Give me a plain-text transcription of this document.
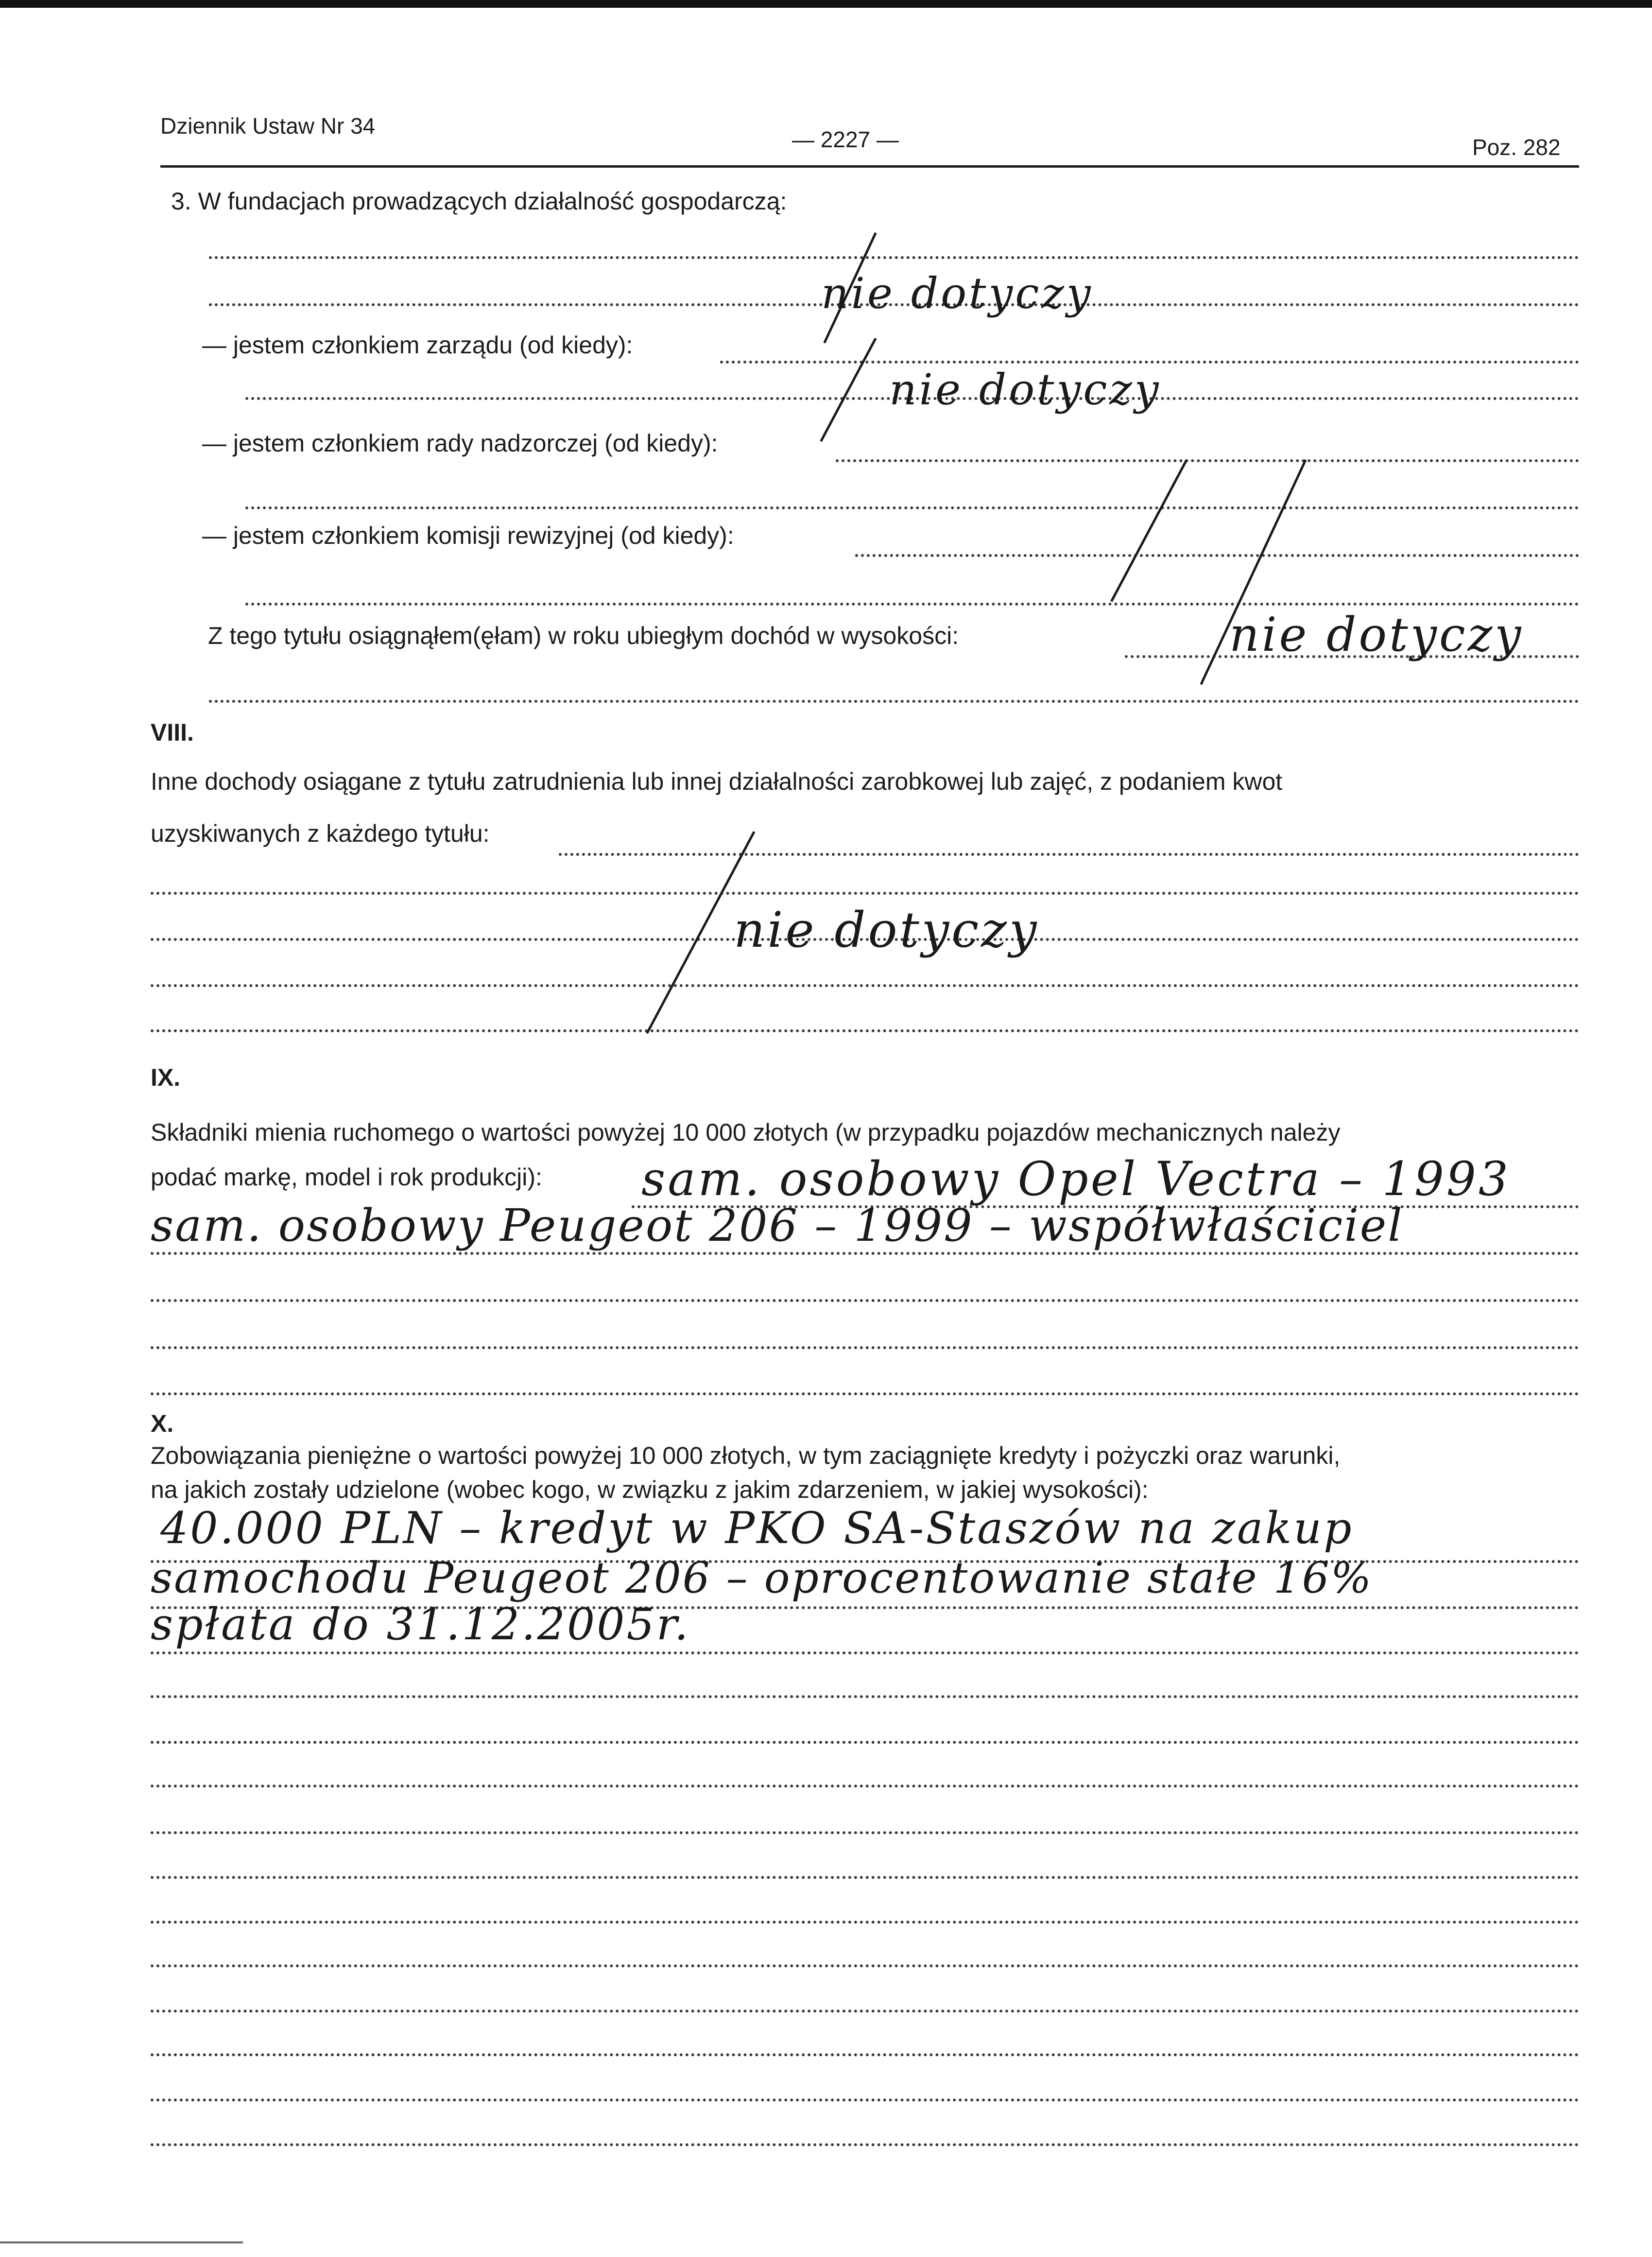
Dziennik Ustaw Nr 34
— 2227 —	Poz. 282
3. W fundacjach prowadzących działalność gospodarczą:
nie dotyczy
— jestem członkiem zarządu (od kiedy):
nie dotyczy
— jestem członkiem rady nadzorczej (od kiedy):
— jestem członkiem komisji rewizyjnej (od kiedy):
Z tego tytułu osiągnąłem(ęłam) w roku ubiegłym dochód w wysokości:	nie dotyczy
VIII.
Inne dochody osiągane z tytułu zatrudnienia lub innej działalności zarobkowej lub zajęć, z podaniem kwot
uzyskiwanych z każdego tytułu:
nie dotyczy
IX.
Składniki mienia ruchomego o wartości powyżej 10 000 złotych (w przypadku pojazdów mechanicznych należy
podać markę, model i rok produkcji): sam. osobowy Opel Vectra – 1993
sam. osobowy Peugeot 206 – 1999 – współwłaściciel
X.
Zobowiązania pieniężne o wartości powyżej 10 000 złotych, w tym zaciągnięte kredyty i pożyczki oraz warunki,
na jakich zostały udzielone (wobec kogo, w związku z jakim zdarzeniem, w jakiej wysokości):
40.000 PLN – kredyt w PKO SA-Staszów na zakup
samochodu Peugeot 206 – oprocentowanie stałe 16%
spłata do 31.12.2005r.
